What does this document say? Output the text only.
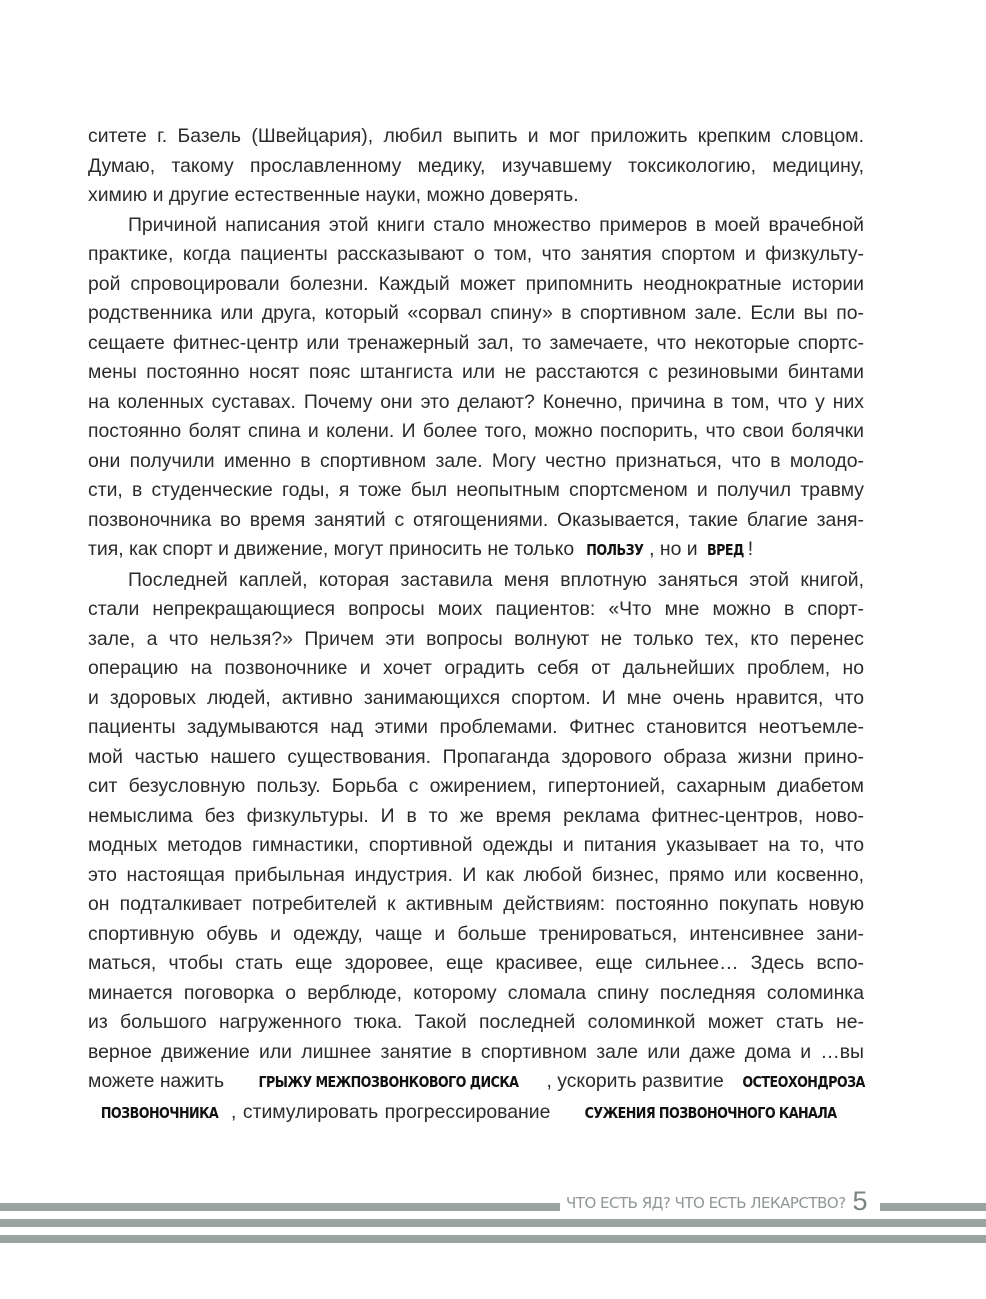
ситете г. Базель (Швейцария), любил выпить и мог приложить крепким словцом.
Думаю, такому прославленному медику, изучавшему токсикологию, медицину,
химию и другие естественные науки, можно доверять.

Причиной написания этой книги стало множество примеров в моей врачебной
практике, когда пациенты рассказывают о том, что занятия спортом и физкульту-
рой спровоцировали болезни. Каждый может припомнить неоднократные истории
родственника или друга, который «сорвал спину» в спортивном зале. Если вы по-
сещаете фитнес-центр или тренажерный зал, то замечаете, что некоторые спортс-
мены постоянно носят пояс штангиста или не расстаются с резиновыми бинтами
на коленных суставах. Почему они это делают? Конечно, причина в том, что у них
постоянно болят спина и колени. И более того, можно поспорить, что свои болячки
они получили именно в спортивном зале. Могу честно признаться, что в молодо-
сти, в студенческие годы, я тоже был неопытным спортсменом и получил травму
позвоночника во время занятий с отягощениями. Оказывается, такие благие заня-
тия, как спорт и движение, могут приносить не только ПОЛЬЗУ , но и ВРЕД !

Последней каплей, которая заставила меня вплотную заняться этой книгой,
стали непрекращающиеся вопросы моих пациентов: «Что мне можно в спорт-
зале, а что нельзя?» Причем эти вопросы волнуют не только тех, кто перенес
операцию на позвоночнике и хочет оградить себя от дальнейших проблем, но
и здоровых людей, активно занимающихся спортом. И мне очень нравится, что
пациенты задумываются над этими проблемами. Фитнес становится неотъемле-
мой частью нашего существования. Пропаганда здорового образа жизни прино-
сит безусловную пользу. Борьба с ожирением, гипертонией, сахарным диабетом
немыслима без физкультуры. И в то же время реклама фитнес-центров, ново-
модных методов гимнастики, спортивной одежды и питания указывает на то, что
это настоящая прибыльная индустрия. И как любой бизнес, прямо или косвенно,
он подталкивает потребителей к активным действиям: постоянно покупать новую
спортивную обувь и одежду, чаще и больше тренироваться, интенсивнее зани-
маться, чтобы стать еще здоровее, еще красивее, еще сильнее… Здесь вспо-
минается поговорка о верблюде, которому сломала спину последняя соломинка
из большого нагруженного тюка. Такой последней соломинкой может стать не-
верное движение или лишнее занятие в спортивном зале или даже дома и …вы
можете нажить ГРЫЖУ МЕЖПОЗВОНКОВОГО ДИСКА , ускорить развитие ОСТЕОХОНДРОЗА
ПОЗВОНОЧНИКА , стимулировать прогрессирование СУЖЕНИЯ ПОЗВОНОЧНОГО КАНАЛА

ЧТО ЕСТЬ ЯД? ЧТО ЕСТЬ ЛЕКАРСТВО? 5
